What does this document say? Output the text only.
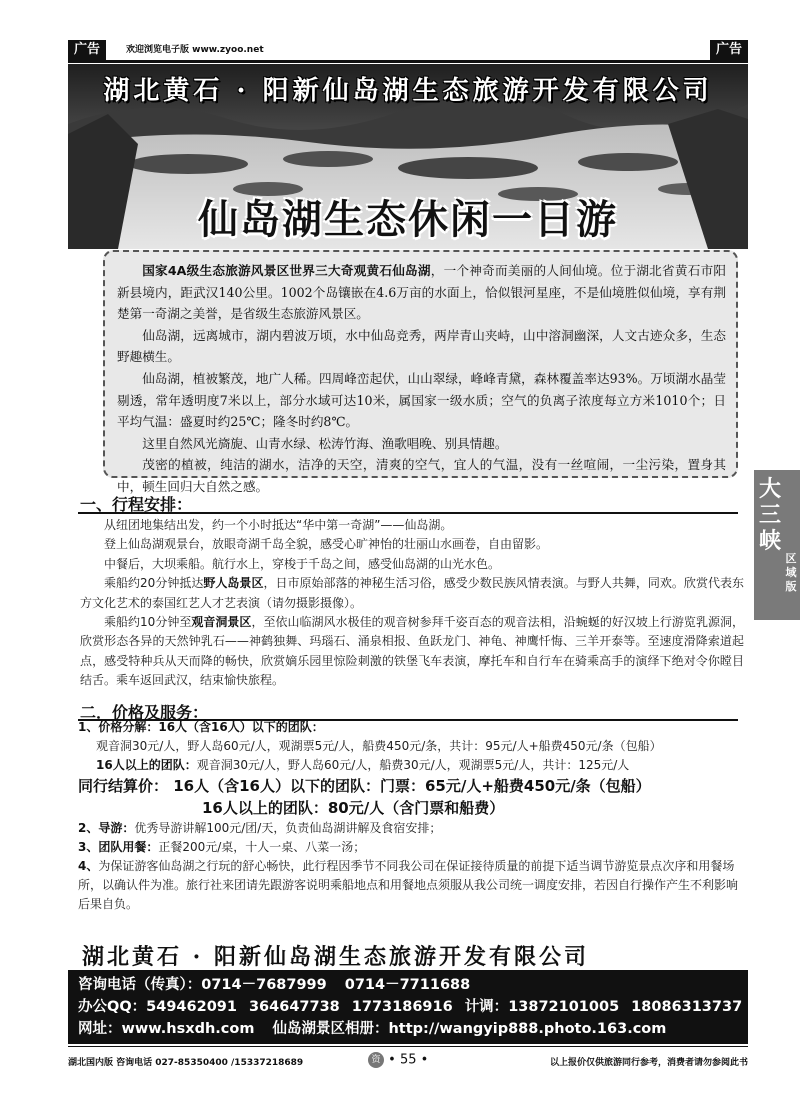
广告	欢迎浏览电子版 www.zyoo.net	广告
湖北黄石 · 阳新仙岛湖生态旅游开发有限公司
仙岛湖生态休闲一日游

国家4A级生态旅游风景区世界三大奇观黄石仙岛湖，一个神奇而美丽的人间仙境。位于湖北省黄石市阳新县境内，距武汉140公里。1002个岛镶嵌在4.6万亩的水面上，恰似银河星座，不是仙境胜似仙境，享有荆楚第一奇湖之美誉，是省级生态旅游风景区。

仙岛湖，远离城市，湖内碧波万顷，水中仙岛竞秀，两岸青山夹峙，山中溶洞幽深，人文古迹众多，生态野趣横生。

仙岛湖，植被繁茂，地广人稀。四周峰峦起伏，山山翠绿，峰峰青黛，森林覆盖率达93%。万顷湖水晶莹剔透，常年透明度7米以上，部分水域可达10米，属国家一级水质；空气的负离子浓度每立方米1010个；日平均气温：盛夏时约25℃；隆冬时约8℃。

这里自然风光旖旎、山青水绿、松涛竹海、渔歌唱晚、别具情趣。

茂密的植被，纯洁的湖水，洁净的天空，清爽的空气，宜人的气温，没有一丝喧闹，一尘污染，置身其中，顿生回归大自然之感。	大三峡
区域版
一、行程安排：

从纽团地集结出发，约一个小时抵达“华中第一奇湖”——仙岛湖。

登上仙岛湖观景台，放眼奇湖千岛全貌，感受心旷神怡的壮丽山水画卷，自由留影。

中餐后，大坝乘船。航行水上，穿梭于千岛之间，感受仙岛湖的山光水色。

乘船约20分钟抵达野人岛景区，日市原始部落的神秘生活习俗，感受少数民族风情表演。与野人共舞，同欢。欣赏代表东方文化艺术的泰国红艺人才艺表演（请勿摄影摄像）。

乘船约10分钟至观音洞景区，至依山临湖风水极佳的观音树参拜千姿百态的观音法相，沿蜿蜒的好汉坡上行游览乳源洞，欣赏形态各异的天然钟乳石——神鹤独舞、玛瑙石、涌泉相报、鱼跃龙门、神龟、神鹰忏悔、三羊开泰等。至速度滑降索道起点，感受特种兵从天而降的畅快，欣赏嫡乐园里惊险刺激的铁堡飞车表演，摩托车和自行车在骑乘高手的演绎下绝对令你瞠目结舌。乘车返回武汉，结束愉快旅程。

二．价格及服务：
1、价格分解：16人（含16人）以下的团队：
观音洞30元/人，野人岛60元/人，观湖票5元/人，船费450元/条，共计：95元/人+船费450元/条（包船）
16人以上的团队：观音洞30元/人，野人岛60元/人，船费30元/人，观湖票5元/人，共计：125元/人
同行结算价： 16人（含16人）以下的团队：门票：65元/人+船费450元/条（包船）
16人以上的团队：80元/人（含门票和船费）
2、导游：优秀导游讲解100元/团/天，负责仙岛湖讲解及食宿安排；
3、团队用餐：正餐200元/桌，十人一桌、八菜一汤；
4、为保证游客仙岛湖之行玩的舒心畅快，此行程因季节不同我公司在保证接待质量的前提下适当调节游览景点次序和用餐场所，以确认件为准。旅行社来团请先跟游客说明乘船地点和用餐地点须服从我公司统一调度安排，若因自行操作产生不利影响后果自负。
湖北黄石 · 阳新仙岛湖生态旅游开发有限公司
咨询电话（传真）：0714－7687999 0714－7711688
办公QQ：549462091 364647738 1773186916 计调：13872101005 18086313737
网址：www.hsxdh.com 仙岛湖景区相册：http://wangyip888.photo.163.com
湖北国内版 咨询电话 027-85350400 /15337218689	资 • 55 •	以上报价仅供旅游同行参考，消费者请勿参阅此书
